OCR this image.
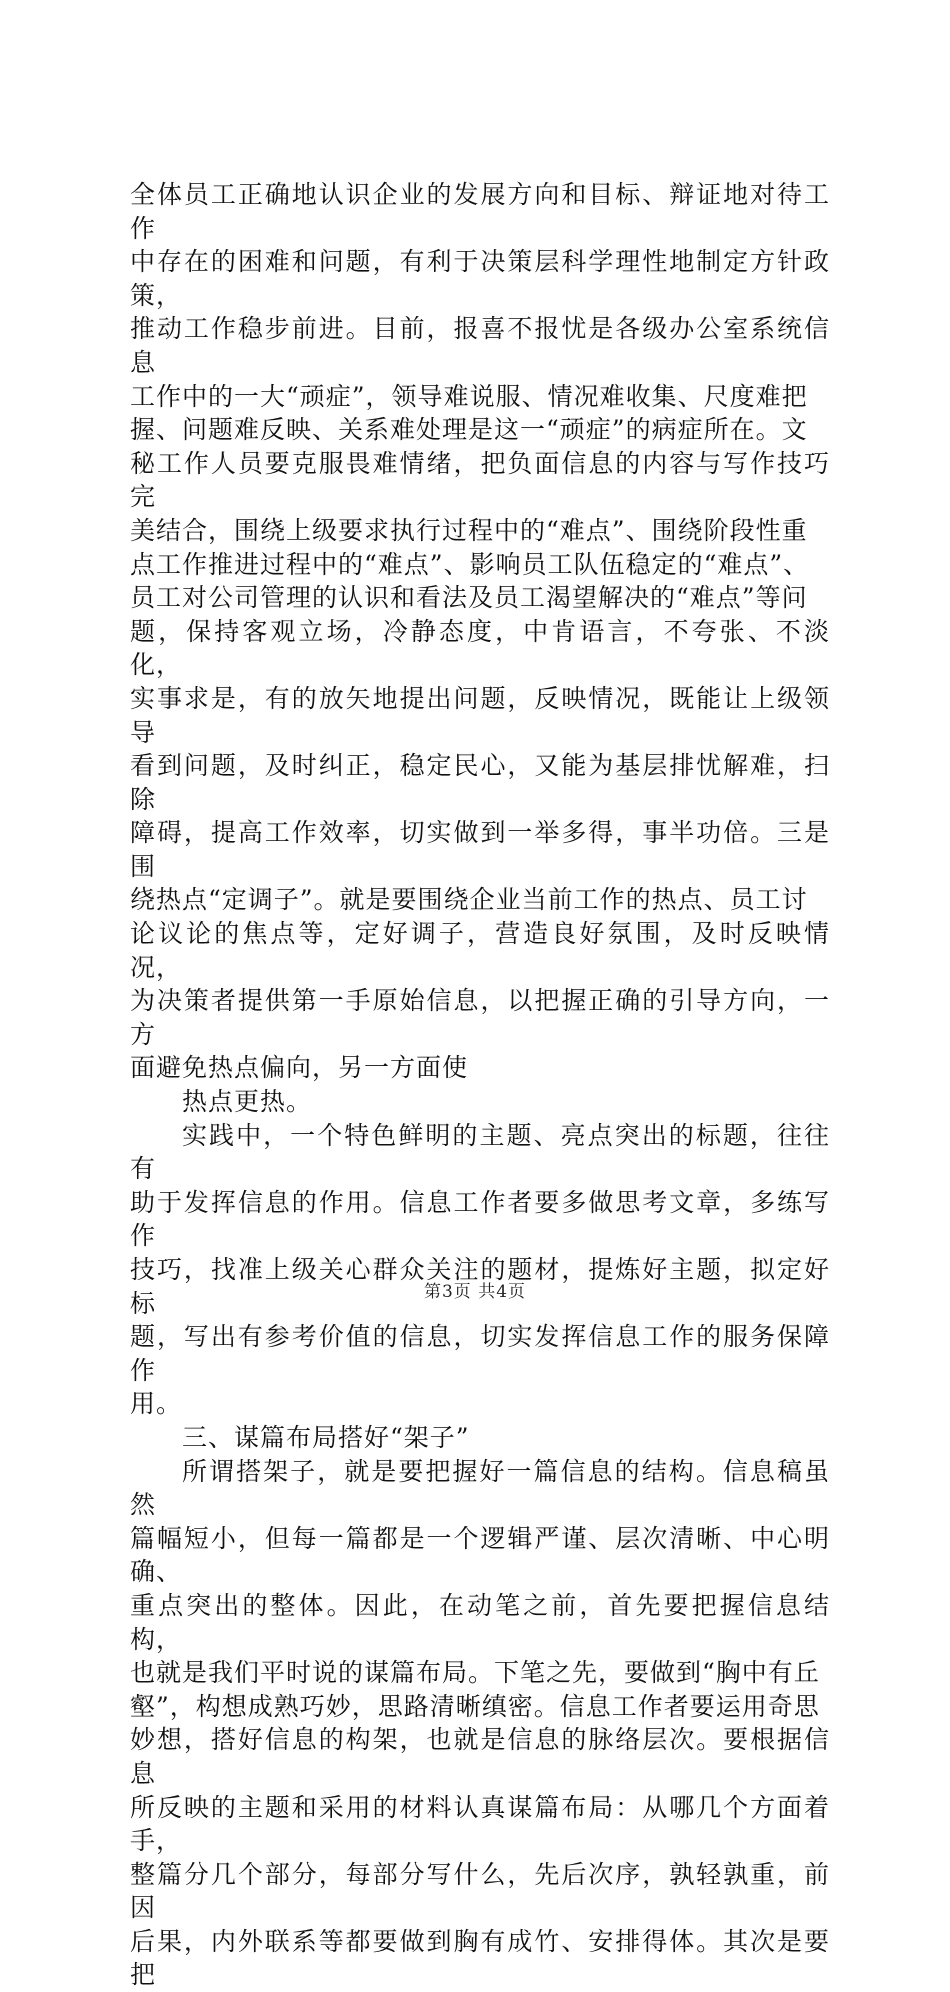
全体员工正确地认识企业的发展方向和目标、辩证地对待工作
中存在的困难和问题，有利于决策层科学理性地制定方针政策，
推动工作稳步前进。目前，报喜不报忧是各级办公室系统信息
工作中的一大“顽症”，领导难说服、情况难收集、尺度难把
握、问题难反映、关系难处理是这一“顽症”的病症所在。文
秘工作人员要克服畏难情绪，把负面信息的内容与写作技巧完
美结合，围绕上级要求执行过程中的“难点”、围绕阶段性重
点工作推进过程中的“难点”、影响员工队伍稳定的“难点”、
员工对公司管理的认识和看法及员工渴望解决的“难点”等问
题，保持客观立场，冷静态度，中肯语言，不夸张、不淡化，
实事求是，有的放矢地提出问题，反映情况，既能让上级领导
看到问题，及时纠正，稳定民心，又能为基层排忧解难，扫除
障碍，提高工作效率，切实做到一举多得，事半功倍。三是围
绕热点“定调子”。就是要围绕企业当前工作的热点、员工讨
论议论的焦点等，定好调子，营造良好氛围，及时反映情况，
为决策者提供第一手原始信息，以把握正确的引导方向，一方
面避免热点偏向，另一方面使

热点更热。

实践中，一个特色鲜明的主题、亮点突出的标题，往往有
助于发挥信息的作用。信息工作者要多做思考文章，多练写作
技巧，找准上级关心群众关注的题材，提炼好主题，拟定好标
题，写出有参考价值的信息，切实发挥信息工作的服务保障作
用。

三、谋篇布局搭好“架子”

所谓搭架子，就是要把握好一篇信息的结构。信息稿虽然
篇幅短小，但每一篇都是一个逻辑严谨、层次清晰、中心明确、
重点突出的整体。因此，在动笔之前，首先要把握信息结构，
也就是我们平时说的谋篇布局。下笔之先，要做到“胸中有丘
壑”，构想成熟巧妙，思路清晰缜密。信息工作者要运用奇思
妙想，搭好信息的构架，也就是信息的脉络层次。要根据信息
所反映的主题和采用的材料认真谋篇布局：从哪几个方面着手，
整篇分几个部分，每部分写什么，先后次序，孰轻孰重，前因
后果，内外联系等都要做到胸有成竹、安排得体。其次是要把

第3页 共4页
